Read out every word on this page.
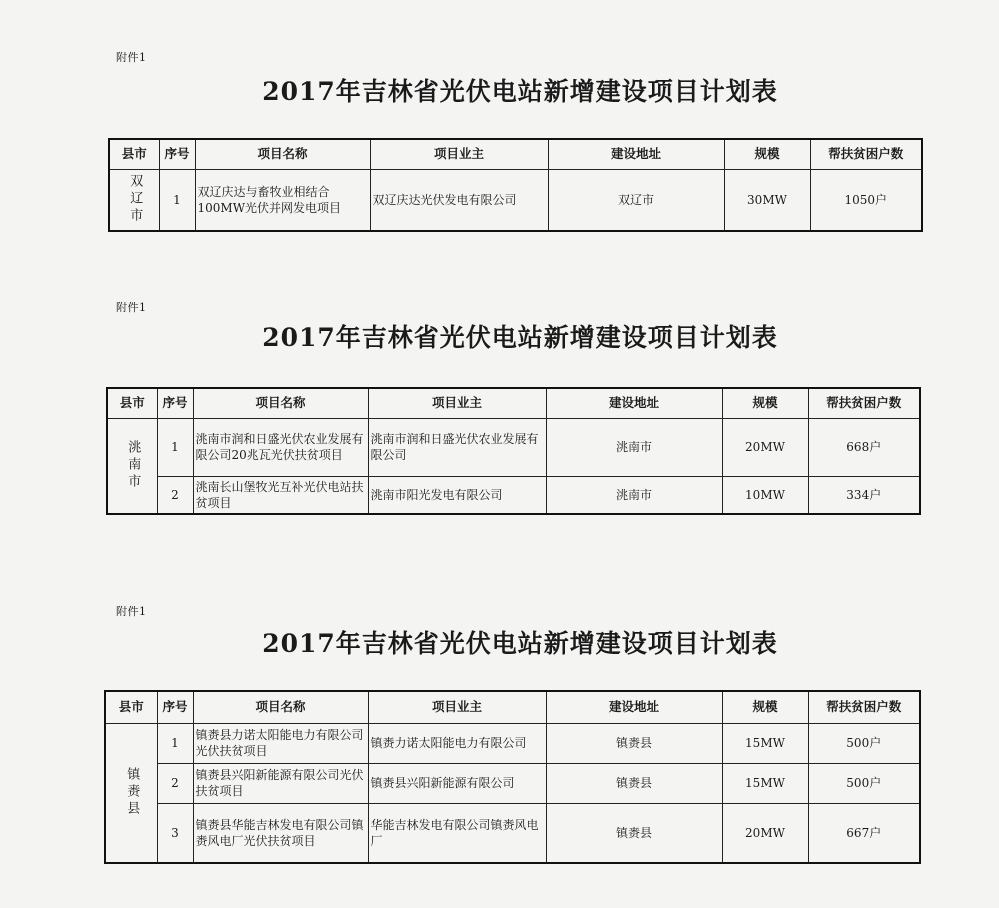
附件1
2017年吉林省光伏电站新增建设项目计划表
县市	序号	项目名称	项目业主	建设地址	规模	帮扶贫困户数
双辽市	1	双辽庆达与畜牧业相结合100MW光伏并网发电项目	双辽庆达光伏发电有限公司	双辽市	30MW	1050户
附件1
2017年吉林省光伏电站新增建设项目计划表
县市	序号	项目名称	项目业主	建设地址	规模	帮扶贫困户数
洮南市	1	洮南市润和日盛光伏农业发展有限公司20兆瓦光伏扶贫项目	洮南市润和日盛光伏农业发展有限公司	洮南市	20MW	668户
	2	洮南长山堡牧光互补光伏电站扶贫项目	洮南市阳光发电有限公司	洮南市	10MW	334户
附件1
2017年吉林省光伏电站新增建设项目计划表
县市	序号	项目名称	项目业主	建设地址	规模	帮扶贫困户数
镇赉县	1	镇赉县力诺太阳能电力有限公司光伏扶贫项目	镇赉力诺太阳能电力有限公司	镇赉县	15MW	500户
	2	镇赉县兴阳新能源有限公司光伏扶贫项目	镇赉县兴阳新能源有限公司	镇赉县	15MW	500户
	3	镇赉县华能吉林发电有限公司镇赉风电厂光伏扶贫项目	华能吉林发电有限公司镇赉风电厂	镇赉县	20MW	667户
